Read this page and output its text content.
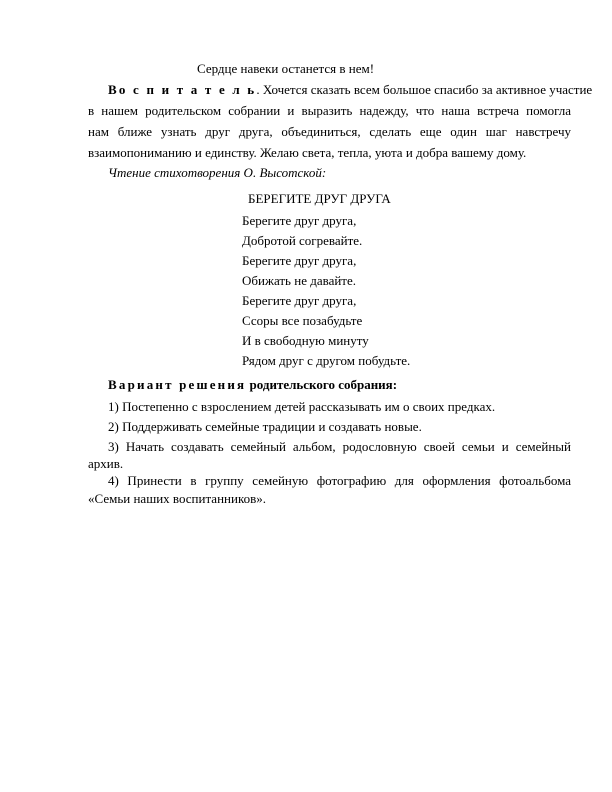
Сердце навеки останется в нем!
Во с п и т а т е л ь. Хочется сказать всем большое спасибо за активное участие
в нашем родительском собрании и выразить надежду, что наша встреча помогла
нам ближе узнать друг друга, объединиться, сделать еще один шаг навстречу
взаимопониманию и единству. Желаю света, тепла, уюта и добра вашему дому.
Чтение стихотворения О. Высотской:
БЕРЕГИТЕ ДРУГ ДРУГА
Берегите друг друга,
Добротой согревайте.
Берегите друг друга,
Обижать не давайте.
Берегите друг друга,
Ссоры все позабудьте
И в свободную минуту
Рядом друг с другом побудьте.
Вариант решения родительского собрания:
1) Постепенно с взрослением детей рассказывать им о своих предках.
2) Поддерживать семейные традиции и создавать новые.
3) Начать создавать семейный альбом, родословную своей семьи и семейный
архив.
4) Принести в группу семейную фотографию для оформления фотоальбома
«Семьи наших воспитанников».
